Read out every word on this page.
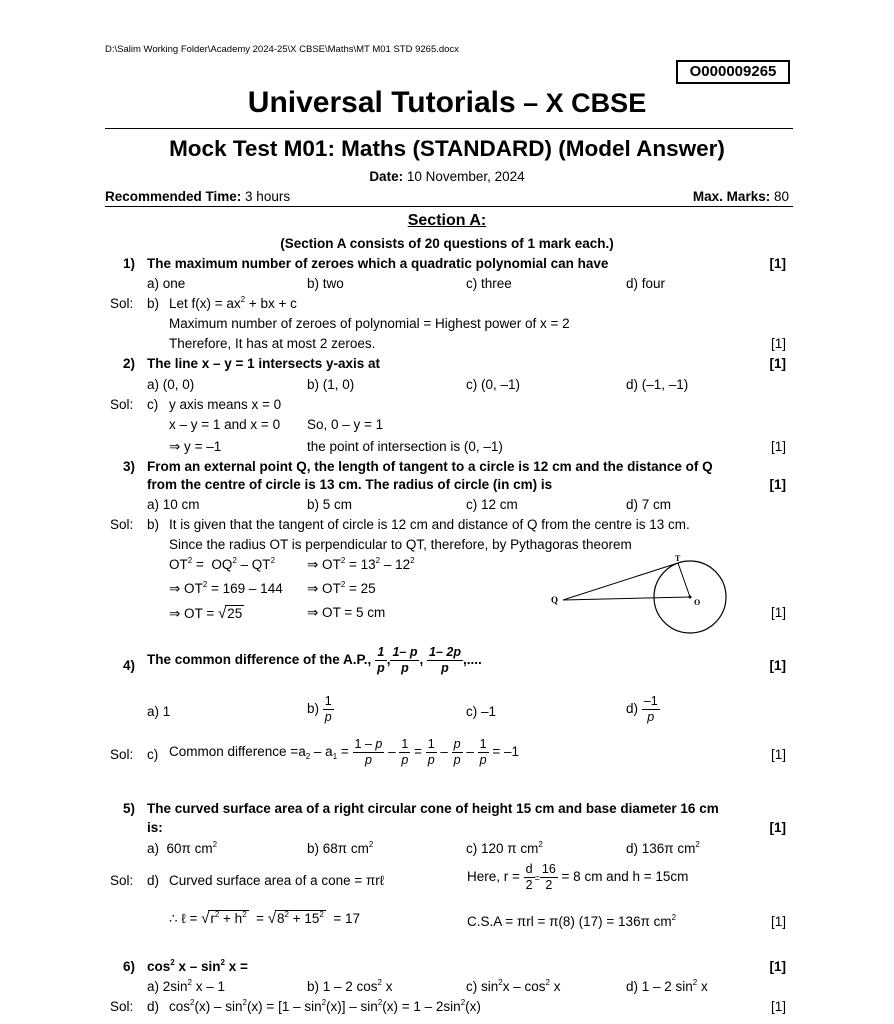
D:\Salim Working Folder\Academy 2024-25\X CBSE\Maths\MT M01 STD 9265.docx
O000009265
Universal Tutorials – X CBSE
Mock Test M01: Maths (STANDARD) (Model Answer)
Date: 10 November, 2024
Recommended Time: 3 hours	Max. Marks: 80
Section A:
(Section A consists of 20 questions of 1 mark each.)
1) The maximum number of zeroes which a quadratic polynomial can have	[1]
a) one	b) two	c) three	d) four
Sol: b) Let $f(x) = ax^2$ + bx + c
Maximum number of zeroes of polynomial = Highest power of x = 2
Therefore, It has at most 2 zeroes.	[1]
2) The line x – y = 1 intersects y-axis at	[1]
a) (0, 0)	b) (1, 0)	c) (0, –1)	d) (–1, –1)
Sol: c) y axis means x = 0
x – y = 1 and x = 0 So, 0 – y = 1
⇒ y = –1	the point of intersection is (0, –1)	[1]
3) From an external point Q, the length of tangent to a circle is 12 cm and the distance of Q
from the centre of circle is 13 cm. The radius of circle (in cm) is	[1]
a) 10 cm	b) 5 cm	c) 12 cm	d) 7 cm
Sol: b) It is given that the tangent of circle is 12 cm and distance of Q from the centre is 13 cm.
Since the radius OT is perpendicular to QT, therefore, by Pythagoras theorem
$OT^2 = OQ^2 - QT^2$ ⇒ $OT^2 = 13^2 - 12^2$
⇒ $OT^2 = 169 - 144$ ⇒ $OT^2 = 25$
⇒ OT = √25	⇒ OT = 5 cm	[1]
Q
T
O
4) The common difference of the A.P., $\frac{1}{p}$ , $\frac{1- p}{p}$ , $\frac{1- 2p}{p}$ ,....	[1]
a) 1	$b) \frac{1}{p}$	c) –1	$d) \frac{-1}{p}$
Sol: c) Common difference $=a_2 - a_1 = \frac{1 - p}{p} - \frac{1}{p} = \frac{1}{p} - \frac{p}{p} - \frac{1}{p} = -1$	[1]
5) The curved surface area of a right circular cone of height 15 cm and base diameter 16 cm
is:	[1]
a)  60π $cm^2$	b) 68π $cm^2$	c) 120 π $cm^2$	d) 136π $cm^2$
Sol: d) Curved surface area of a cone = πrℓ	Here, $r = \frac{d}{2} = \frac{16}{2} = 8$ cm and h = 15cm
∴ ℓ = $√r^2 + h^2 = √8^2 + 15^2 = 17$	C.S.A = πrl = π(8) (17) = 136π $cm^2$	[1]
6) $\cos^2 x - \sin^2 x$ =	[1]
a) $2\sin^2$ x – 1	b) 1 – 2 $\cos^2 x$	c) $\sin^2x - \cos^2 x$	d) 1 – 2 $\sin^2 x$
Sol: d) $\cos^2(x) - \sin^2(x) = [1 - \sin^2(x)] - \sin^2(x) = 1 - 2\sin^2(x)$	[1]
